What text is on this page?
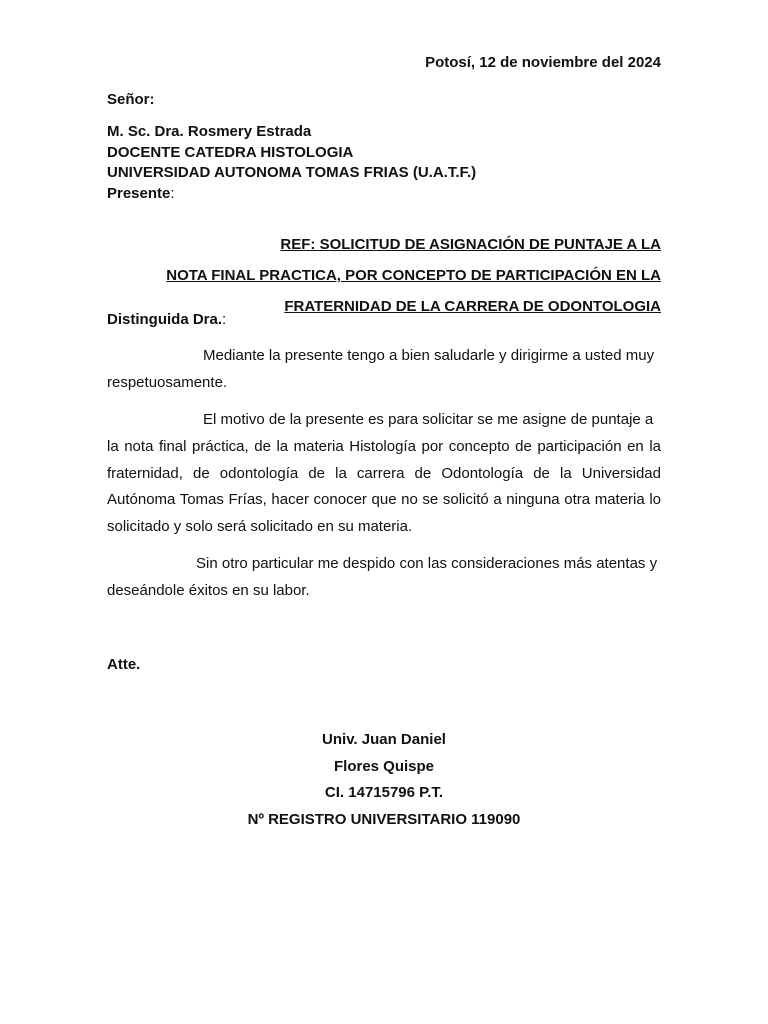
Potosí, 12 de noviembre del 2024
Señor:
M. Sc. Dra. Rosmery Estrada
DOCENTE CATEDRA HISTOLOGIA
UNIVERSIDAD AUTONOMA TOMAS FRIAS (U.A.T.F.)
Presente:
REF: SOLICITUD DE ASIGNACIÓN DE PUNTAJE A LA
NOTA FINAL PRACTICA, POR CONCEPTO DE PARTICIPACIÓN EN LA
FRATERNIDAD DE LA CARRERA DE ODONTOLOGIA
Distinguida Dra.:
Mediante la presente tengo a bien saludarle y dirigirme a usted muy
respetuosamente.
El motivo de la presente es para solicitar se me asigne de puntaje a
la nota final práctica, de la materia Histología por concepto de participación en la
fraternidad, de odontología de la carrera de Odontología de la Universidad
Autónoma Tomas Frías, hacer conocer que no se solicitó a ninguna otra materia lo
solicitado y solo será solicitado en su materia.
Sin otro particular me despido con las consideraciones más atentas y
deseándole éxitos en su labor.
Atte.
Univ. Juan Daniel
Flores Quispe
CI. 14715796 P.T.
Nº REGISTRO UNIVERSITARIO 119090
